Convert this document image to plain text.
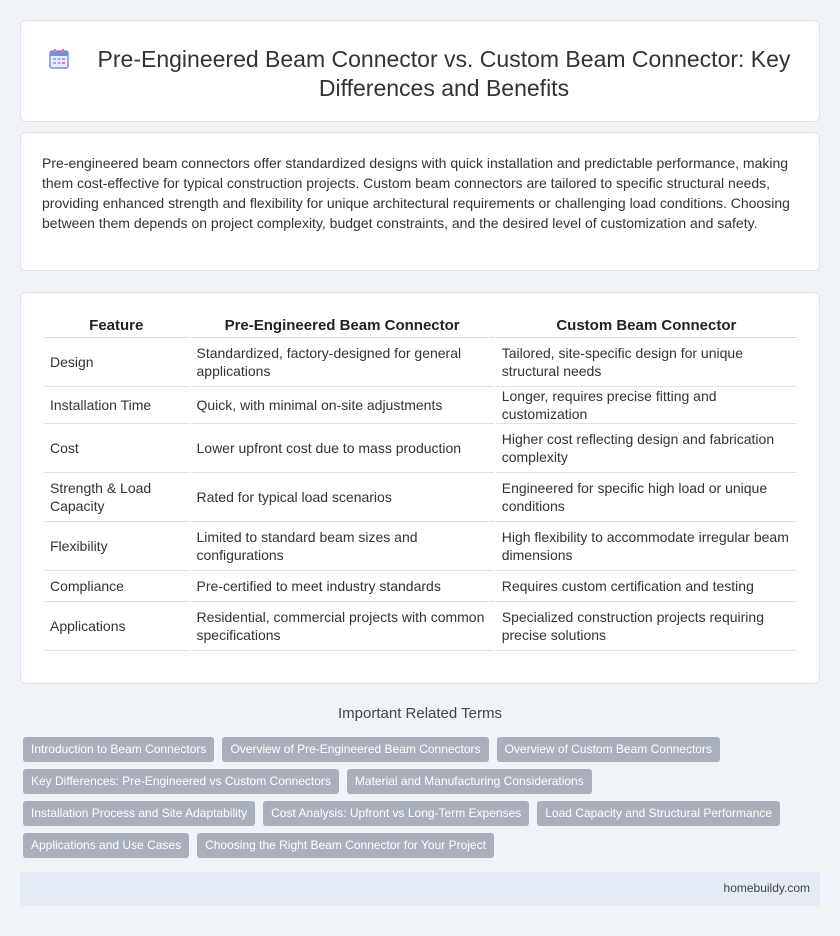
Pre-Engineered Beam Connector vs. Custom Beam Connector: Key Differences and Benefits

Pre-engineered beam connectors offer standardized designs with quick installation and predictable performance, making them cost-effective for typical construction projects. Custom beam connectors are tailored to specific structural needs, providing enhanced strength and flexibility for unique architectural requirements or challenging load conditions. Choosing between them depends on project complexity, budget constraints, and the desired level of customization and safety.

Feature	Pre-Engineered Beam Connector	Custom Beam Connector
Design	Standardized, factory-designed for general applications	Tailored, site-specific design for unique structural needs
Installation Time	Quick, with minimal on-site adjustments	Longer, requires precise fitting and customization
Cost	Lower upfront cost due to mass production	Higher cost reflecting design and fabrication complexity
Strength & Load Capacity	Rated for typical load scenarios	Engineered for specific high load or unique conditions
Flexibility	Limited to standard beam sizes and configurations	High flexibility to accommodate irregular beam dimensions
Compliance	Pre-certified to meet industry standards	Requires custom certification and testing
Applications	Residential, commercial projects with common specifications	Specialized construction projects requiring precise solutions
Important Related Terms
Introduction to Beam Connectors	Overview of Pre-Engineered Beam Connectors	Overview of Custom Beam Connectors
Key Differences: Pre-Engineered vs Custom Connectors	Material and Manufacturing Considerations
Installation Process and Site Adaptability	Cost Analysis: Upfront vs Long-Term Expenses	Load Capacity and Structural Performance
Applications and Use Cases	Choosing the Right Beam Connector for Your Project
homebuildy.com
